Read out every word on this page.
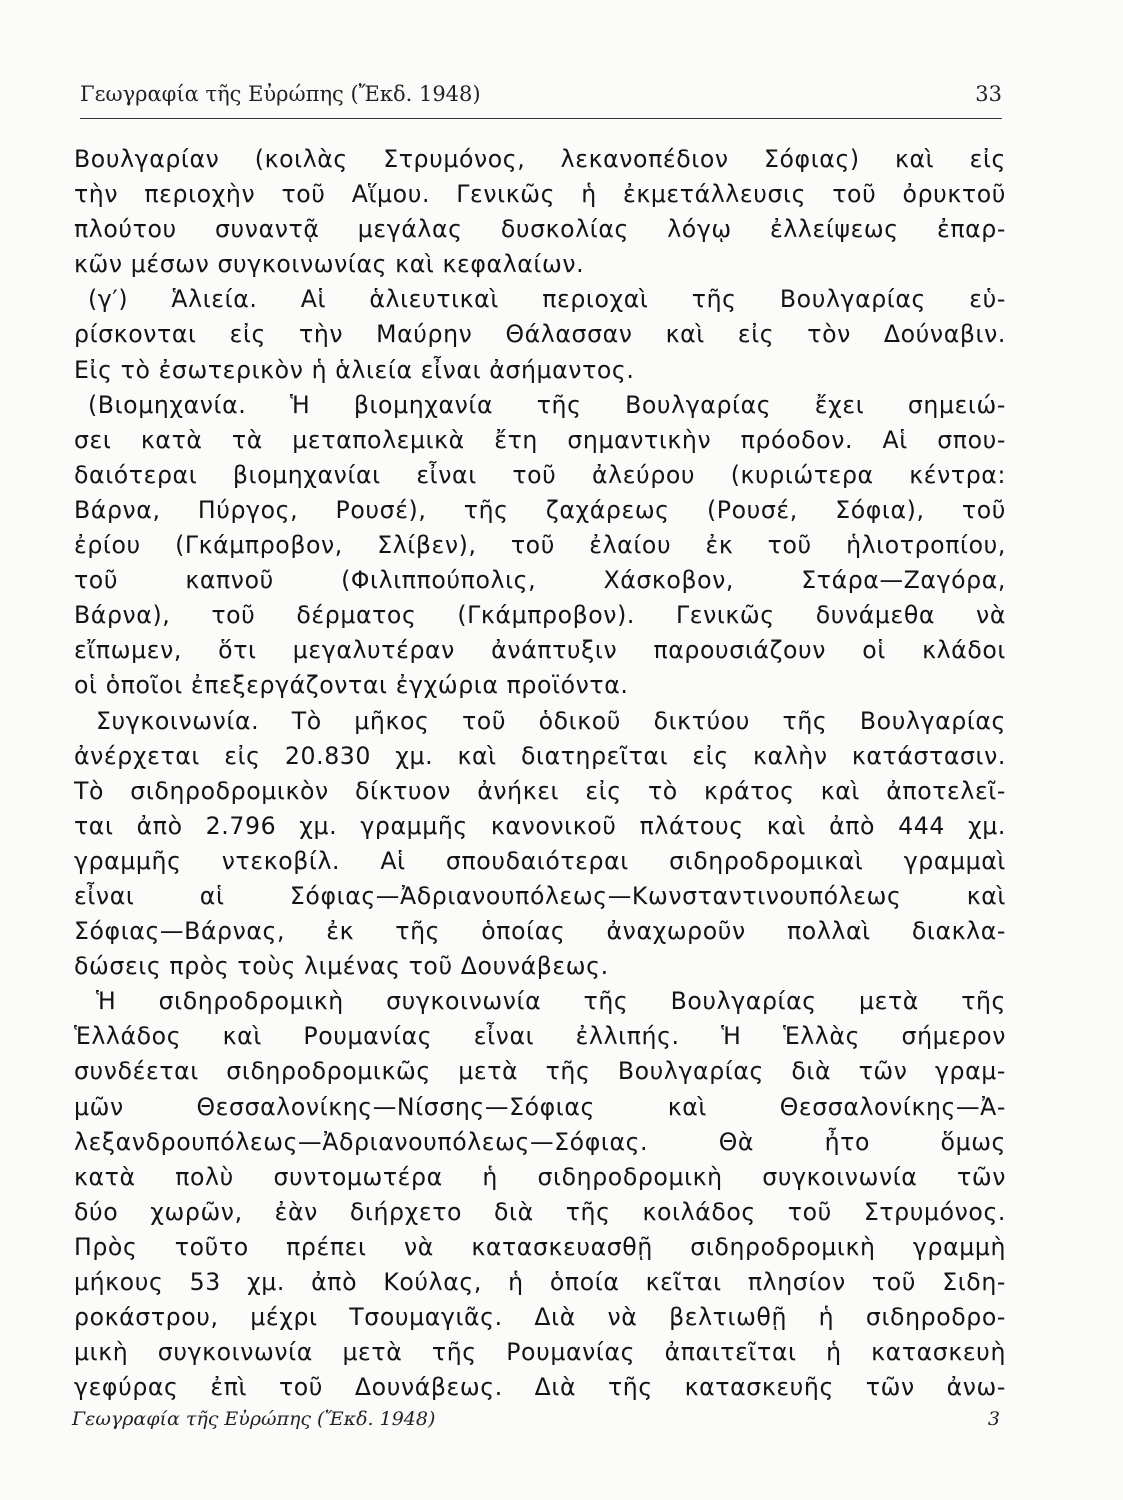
Γεωγραφία τῆς Εὐρώπης (Ἔκδ. 1948)	33
Βουλγαρίαν (κοιλὰς Στρυμόνος, λεκανοπέδιον Σόφιας) καὶ εἰς
τὴν περιοχὴν τοῦ Αἵμου. Γενικῶς ἡ ἐκμετάλλευσις τοῦ ὀρυκτοῦ
πλούτου συναντᾷ μεγάλας δυσκολίας λόγῳ ἐλλείψεως ἐπαρ-
κῶν μέσων συγκοινωνίας καὶ κεφαλαίων.
(γ′) Ἁλιεία. Αἱ ἁλιευτικαὶ περιοχαὶ τῆς Βουλγαρίας εὑ-
ρίσκονται εἰς τὴν Μαύρην Θάλασσαν καὶ εἰς τὸν Δούναβιν.
Εἰς τὸ ἐσωτερικὸν ἡ ἁλιεία εἶναι ἀσήμαντος.
(Βιομηχανία. Ἡ βιομηχανία τῆς Βουλγαρίας ἔχει σημειώ-
σει κατὰ τὰ μεταπολεμικὰ ἔτη σημαντικὴν πρόοδον. Αἱ σπου-
δαιότεραι βιομηχανίαι εἶναι τοῦ ἀλεύρου (κυριώτερα κέντρα:
Βάρνα, Πύργος, Ρουσέ), τῆς ζαχάρεως (Ρουσέ, Σόφια), τοῦ
ἐρίου (Γκάμπροβον, Σλίβεν), τοῦ ἐλαίου ἐκ τοῦ ἡλιοτροπίου,
τοῦ καπνοῦ (Φιλιππούπολις, Χάσκοβον, Στάρα—Ζαγόρα,
Βάρνα), τοῦ δέρματος (Γκάμπροβον). Γενικῶς δυνάμεθα νὰ
εἴπωμεν, ὅτι μεγαλυτέραν ἀνάπτυξιν παρουσιάζουν οἱ κλάδοι
οἱ ὁποῖοι ἐπεξεργάζονται ἐγχώρια προϊόντα.
Συγκοινωνία. Τὸ μῆκος τοῦ ὁδικοῦ δικτύου τῆς Βουλγαρίας
ἀνέρχεται εἰς 20.830 χμ. καὶ διατηρεῖται εἰς καλὴν κατάστασιν.
Τὸ σιδηροδρομικὸν δίκτυον ἀνήκει εἰς τὸ κράτος καὶ ἀποτελεῖ-
ται ἀπὸ 2.796 χμ. γραμμῆς κανονικοῦ πλάτους καὶ ἀπὸ 444 χμ.
γραμμῆς ντεκοβίλ. Αἱ σπουδαιότεραι σιδηροδρομικαὶ γραμμαὶ
εἶναι αἱ Σόφιας—Ἀδριανουπόλεως—Κωνσταντινουπόλεως καὶ
Σόφιας—Βάρνας, ἐκ τῆς ὁποίας ἀναχωροῦν πολλαὶ διακλα-
δώσεις πρὸς τοὺς λιμένας τοῦ Δουνάβεως.
Ἡ σιδηροδρομικὴ συγκοινωνία τῆς Βουλγαρίας μετὰ τῆς
Ἑλλάδος καὶ Ρουμανίας εἶναι ἐλλιπής. Ἡ Ἑλλὰς σήμερον
συνδέεται σιδηροδρομικῶς μετὰ τῆς Βουλγαρίας διὰ τῶν γραμ-
μῶν Θεσσαλονίκης—Νίσσης—Σόφιας καὶ Θεσσαλονίκης—Ἀ-
λεξανδρουπόλεως—Ἀδριανουπόλεως—Σόφιας. Θὰ ἦτο ὅμως
κατὰ πολὺ συντομωτέρα ἡ σιδηροδρομικὴ συγκοινωνία τῶν
δύο χωρῶν, ἐὰν διήρχετο διὰ τῆς κοιλάδος τοῦ Στρυμόνος.
Πρὸς τοῦτο πρέπει νὰ κατασκευασθῇ σιδηροδρομικὴ γραμμὴ
μήκους 53 χμ. ἀπὸ Κούλας, ἡ ὁποία κεῖται πλησίον τοῦ Σιδη-
ροκάστρου, μέχρι Τσουμαγιᾶς. Διὰ νὰ βελτιωθῇ ἡ σιδηροδρο-
μικὴ συγκοινωνία μετὰ τῆς Ρουμανίας ἀπαιτεῖται ἡ κατασκευὴ
γεφύρας ἐπὶ τοῦ Δουνάβεως. Διὰ τῆς κατασκευῆς τῶν ἀνω-
Γεωγραφία τῆς Εὐρώπης (Ἔκδ. 1948)	3
